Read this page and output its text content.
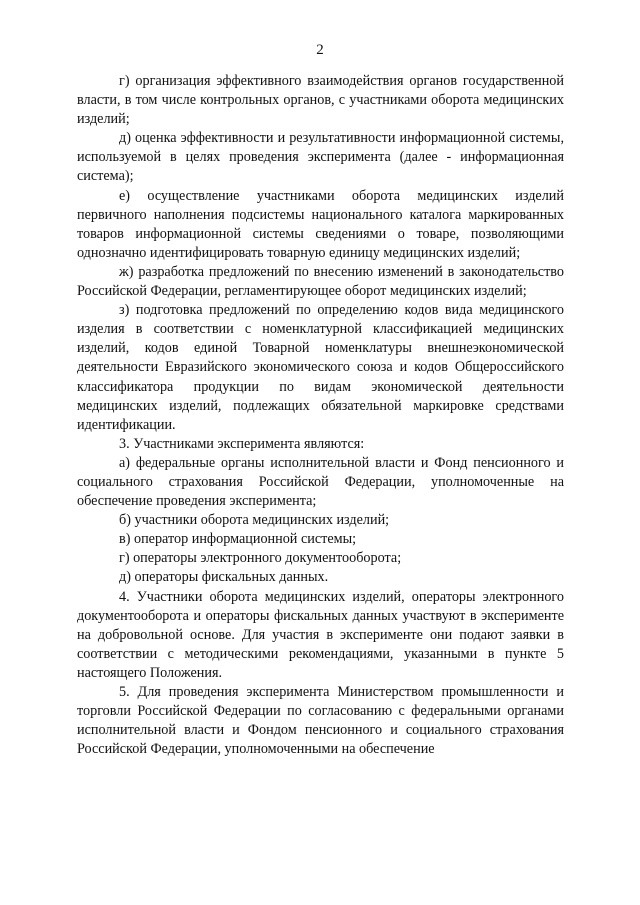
2

г) организация эффективного взаимодействия органов государственной власти, в том числе контрольных органов, с участниками оборота медицинских изделий;

д) оценка эффективности и результативности информационной системы, используемой в целях проведения эксперимента (далее - информационная система);

е) осуществление участниками оборота медицинских изделий первичного наполнения подсистемы национального каталога маркированных товаров информационной системы сведениями о товаре, позволяющими однозначно идентифицировать товарную единицу медицинских изделий;

ж) разработка предложений по внесению изменений в законодательство Российской Федерации, регламентирующее оборот медицинских изделий;

з) подготовка предложений по определению кодов вида медицинского изделия в соответствии с номенклатурной классификацией медицинских изделий, кодов единой Товарной номенклатуры внешнеэкономической деятельности Евразийского экономического союза и кодов Общероссийского классификатора продукции по видам экономической деятельности медицинских изделий, подлежащих обязательной маркировке средствами идентификации.

3. Участниками эксперимента являются:

а) федеральные органы исполнительной власти и Фонд пенсионного и социального страхования Российской Федерации, уполномоченные на обеспечение проведения эксперимента;

б) участники оборота медицинских изделий;

в) оператор информационной системы;

г) операторы электронного документооборота;

д) операторы фискальных данных.

4. Участники оборота медицинских изделий, операторы электронного документооборота и операторы фискальных данных участвуют в эксперименте на добровольной основе. Для участия в эксперименте они подают заявки в соответствии с методическими рекомендациями, указанными в пункте 5 настоящего Положения.

5. Для проведения эксперимента Министерством промышленности и торговли Российской Федерации по согласованию с федеральными органами исполнительной власти и Фондом пенсионного и социального страхования Российской Федерации, уполномоченными на обеспечение
